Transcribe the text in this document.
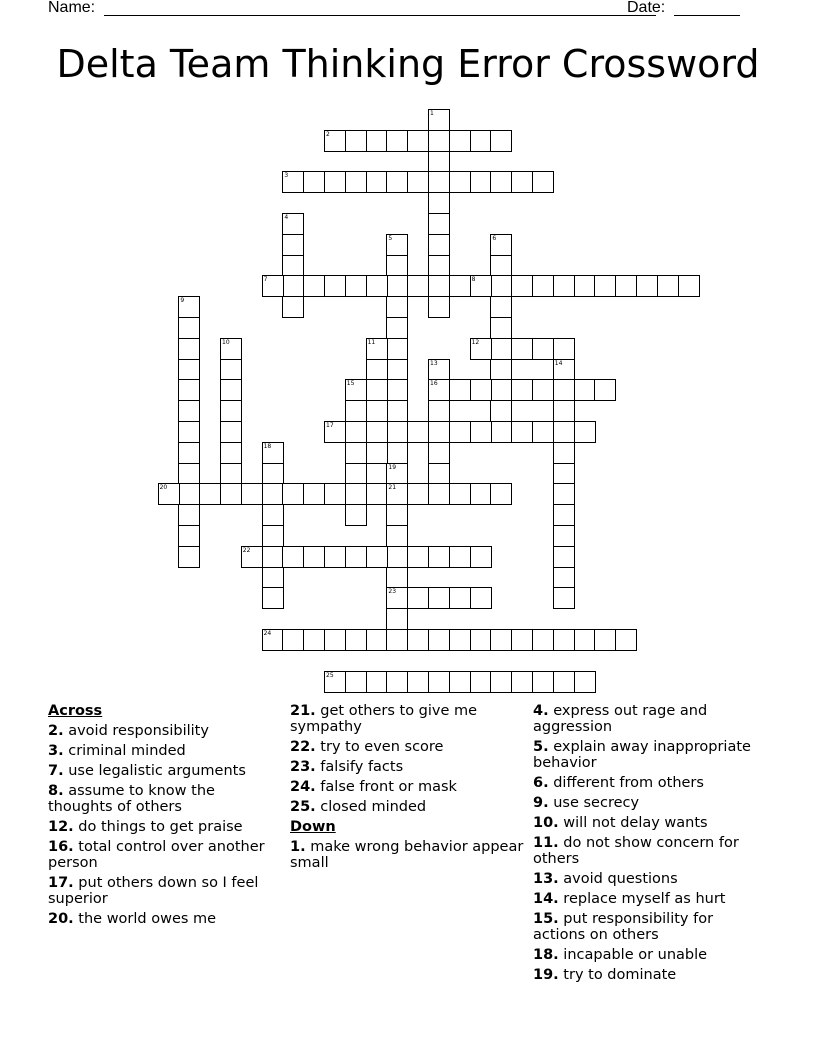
Name:	Date:
Delta Team Thinking Error Crossword
1
2
3
4
5	6
7	8
9
10	11	12
13
16
14
15
17
18
19
21
23
20
22
24
25
Across
2. avoid responsibility
3. criminal minded
7. use legalistic arguments
8. assume to know the thoughts of others
12. do things to get praise
16. total control over another person
17. put others down so I feel superior
20. the world owes me
21. get others to give me sympathy
22. try to even score
23. falsify facts
24. false front or mask
25. closed minded
Down
1. make wrong behavior appear small
4. express out rage and aggression
5. explain away inappropriate behavior
6. different from others
9. use secrecy
10. will not delay wants
11. do not show concern for others
13. avoid questions
14. replace myself as hurt
15. put responsibility for actions on others
18. incapable or unable
19. try to dominate
